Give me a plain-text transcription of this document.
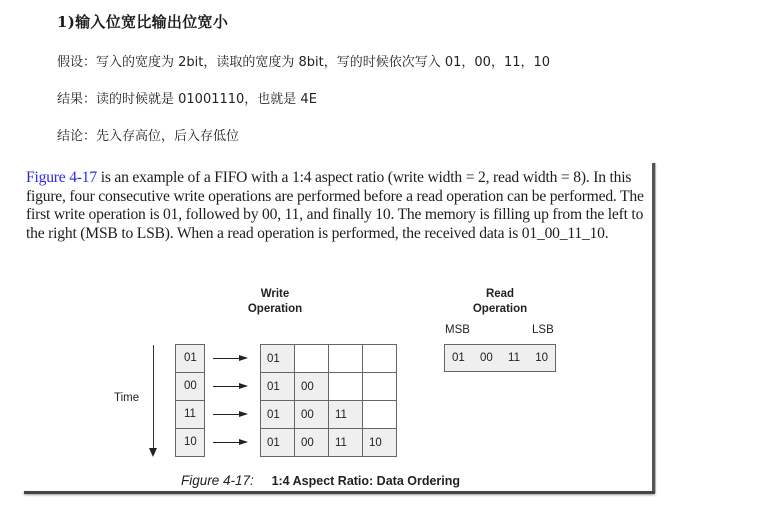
1)输入位宽比输出位宽小
假设：写入的宽度为 2bit，读取的宽度为 8bit，写的时候依次写入 01，00，11，10
结果：读的时候就是 01001110，也就是 4E
结论：先入存高位，后入存低位
Figure 4-17 is an example of a FIFO with a 1:4 aspect ratio (write width = 2, read width = 8). In this figure, four consecutive write operations are performed before a read operation can be performed. The first write operation is 01, followed by 00, 11, and finally 10. The memory is filling up from the left to the right (MSB to LSB). When a read operation is performed, the received data is 01_00_11_10.
Write
Operation
Read
Operation
MSB	LSB
Time
01
00
11
10
01			
01	00		
01	00	11	
01	00	11	10
01 00 11 10
Figure 4-17: 1:4 Aspect Ratio: Data Ordering
